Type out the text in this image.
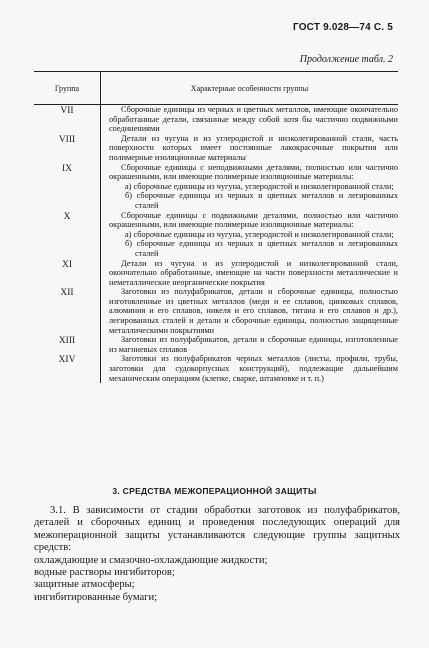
ГОСТ 9.028—74 С. 5
Продолжение табл. 2
Группа	Характерные особенности группы
VII	Сборочные единицы из черных и цветных металлов, имеющие окончательно обработанные детали, связанные между собой хотя бы частично подвижными соединениями

VIII	Детали из чугуна и из углеродистой и низколегированной стали, часть поверхности которых имеет постоянные лакокрасочные покрытия или полимерные изоляционные материалы

IX	Сборочные единицы с неподвижными деталями, полностью или частично окрашенными, или имеющие полимерные изоляционные материалы:

а) сборочные единицы из чугуна, углеродистой и низколегированной стали;

б) сборочные единицы из черных и цветных металлов и легированных сталей

X	Сборочные единицы с подвижными деталями, полностью или частично окрашенными, или имеющие полимерные изоляционные материалы:

а) сборочные единицы из чугуна, углеродистой и низколегированной стали;

б) сборочные единицы из черных и цветных металлов и легированных сталей

XI	Детали из чугуна и из углеродистой и низколегированной стали, окончательно обработанные, имеющие на части поверхности металлические и неметаллические неорганические покрытия

XII	Заготовки из полуфабрикатов, детали и сборочные единицы, полностью изготовленные из цветных металлов (меди и ее сплавов, цинковых сплавов, алюминия и его сплавов, никеля и его сплавов, титана и его сплавов и др.), легированных сталей и детали и сборочные единицы, полностью защищенные металлическими покрытиями

XIII	Заготовки из полуфабрикатов, детали и сборочные единицы, изготовленные из магниевых сплавов

XIV	Заготовки из полуфабрикатов черных металлов (листы, профили, трубы, заготовки для судокорпусных конструкций), подлежащие дальнейшим механическим операциям (клепке, сварке, штамповке и т. п.)

3. СРЕДСТВА МЕЖОПЕРАЦИОННОЙ ЗАЩИТЫ

3.1. В зависимости от стадии обработки заготовок из полуфабрикатов, деталей и сборочных единиц и проведения последующих операций для межоперационной защиты устанавливаются следующие группы защитных средств:

охлаждающие и смазочно-охлаждающие жидкости;

водные растворы ингибиторов;

защитные атмосферы;

ингибитированные бумаги;
